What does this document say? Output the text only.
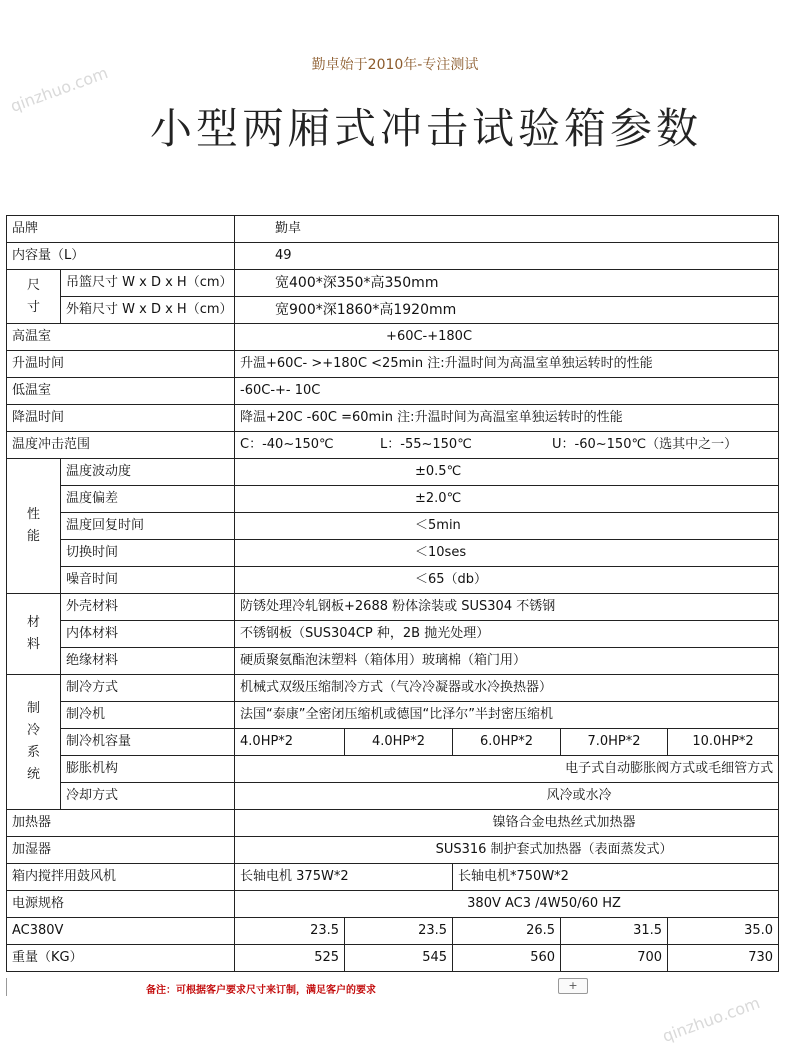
qinzhuo.com
qinzhuo.com
勤卓始于2010年-专注测试
小型两厢式冲击试验箱参数
品牌		勤卓				
内容量（L）		49				
尺
寸	吊篮尺寸 W x D x H（cm）	宽400*深350*高350mm				
	外箱尺寸 W x D x H（cm）	宽900*深1860*高1920mm				
高温室		+60C-+180C				
升温时间		升温+60C- >+180C <25min 注:升温时间为高温室单独运转时的性能				
低温室		-60C-+- 10C				
降温时间		降温+20C -60C =60min 注:升温时间为高温室单独运转时的性能				
温度冲击范围		C：-40~150℃ L：-55~150℃ U：-60~150℃（选其中之一）				
性
能	温度波动度	±0.5℃				
	温度偏差	±2.0℃				
	温度回复时间	＜5min				
	切换时间	＜10ses				
	噪音时间	＜65（db）				
材
料	外壳材料	防锈处理冷轧钢板+2688 粉体涂装或 SUS304 不锈钢				
	内体材料	不锈钢板（SUS304CP 种，2B 抛光处理）				
	绝缘材料	硬质聚氨酯泡沫塑料（箱体用）玻璃棉（箱门用）				
制
冷
系
统	制冷方式	机械式双级压缩制冷方式（气冷冷凝器或水冷换热器）				
	制冷机	法国“泰康”全密闭压缩机或德国“比泽尔”半封密压缩机				
	制冷机容量	4.0HP*2	4.0HP*2	6.0HP*2	7.0HP*2	10.0HP*2
	膨胀机构	电子式自动膨胀阀方式或毛细管方式				
	冷却方式	风冷或水冷				
加热器		镍铬合金电热丝式加热器				
加湿器		SUS316 制护套式加热器（表面蒸发式）				
箱内搅拌用鼓风机		长轴电机 375W*2		长轴电机*750W*2		
电源规格		380V AC3 /4W50/60 HZ				
AC380V		23.5	23.5	26.5	31.5	35.0
重量（KG）		525	545	560	700	730
备注：可根据客户要求尺寸来订制，满足客户的要求	+
